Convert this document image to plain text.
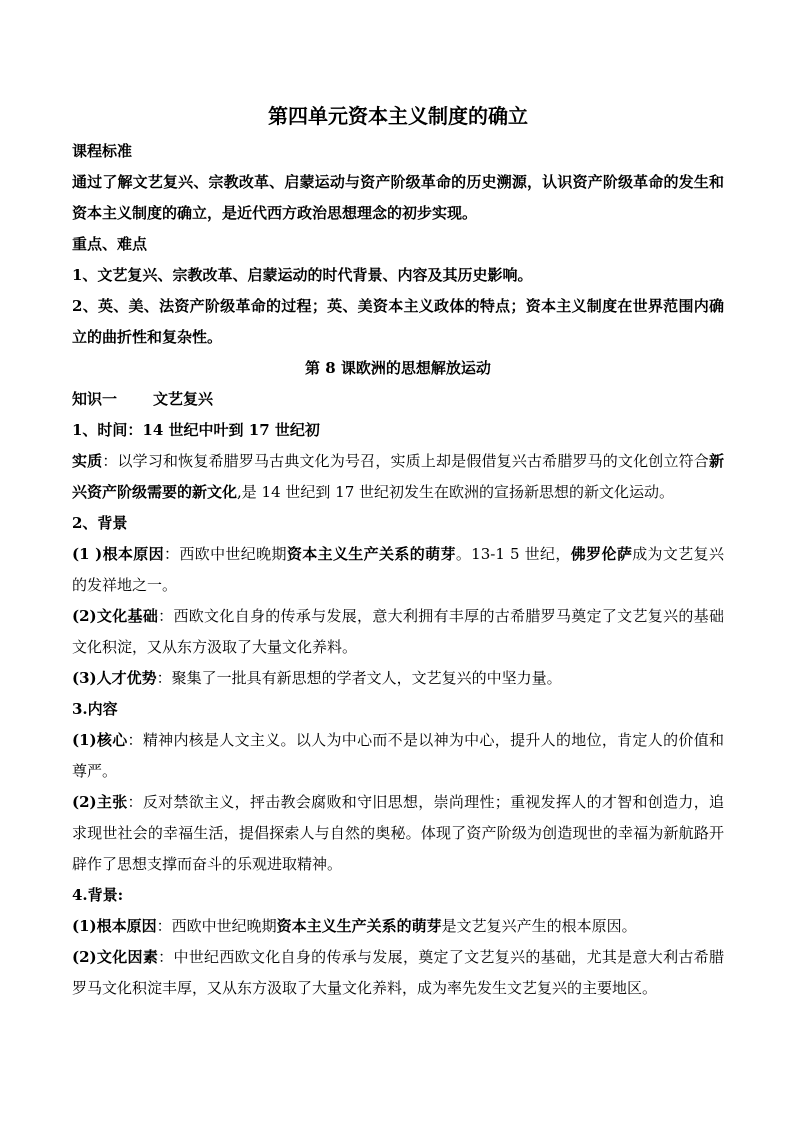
第四单元资本主义制度的确立

课程标准

通过了解文艺复兴、宗教改革、启蒙运动与资产阶级革命的历史溯源，认识资产阶级革命的发生和资本主义制度的确立，是近代西方政治思想理念的初步实现。

重点、难点

1、文艺复兴、宗教改革、启蒙运动的时代背景、内容及其历史影响。

2、英、美、法资产阶级革命的过程；英、美资本主义政体的特点；资本主义制度在世界范围内确立的曲折性和复杂性。

第 8 课欧洲的思想解放运动

知识一 文艺复兴

1、时间：14 世纪中叶到 17 世纪初

实质：以学习和恢复希腊罗马古典文化为号召，实质上却是假借复兴古希腊罗马的文化创立符合新兴资产阶级需要的新文化,是 14 世纪到 17 世纪初发生在欧洲的宣扬新思想的新文化运动。

2、背景

(1 )根本原因：西欧中世纪晚期资本主义生产关系的萌芽。13-1 5 世纪，佛罗伦萨成为文艺复兴的发祥地之一。

(2)文化基础：西欧文化自身的传承与发展，意大利拥有丰厚的古希腊罗马奠定了文艺复兴的基础文化积淀，又从东方汲取了大量文化养料。

(3)人才优势：聚集了一批具有新思想的学者文人，文艺复兴的中坚力量。

3.内容

(1)核心：精神内核是人文主义。以人为中心而不是以神为中心，提升人的地位，肯定人的价值和尊严。

(2)主张：反对禁欲主义，抨击教会腐败和守旧思想，崇尚理性；重视发挥人的才智和创造力，追求现世社会的幸福生活，提倡探索人与自然的奥秘。体现了资产阶级为创造现世的幸福为新航路开辟作了思想支撑而奋斗的乐观进取精神。

4.背景:

(1)根本原因：西欧中世纪晚期资本主义生产关系的萌芽是文艺复兴产生的根本原因。

(2)文化因素：中世纪西欧文化自身的传承与发展，奠定了文艺复兴的基础，尤其是意大利古希腊罗马文化积淀丰厚，又从东方汲取了大量文化养料，成为率先发生文艺复兴的主要地区。
